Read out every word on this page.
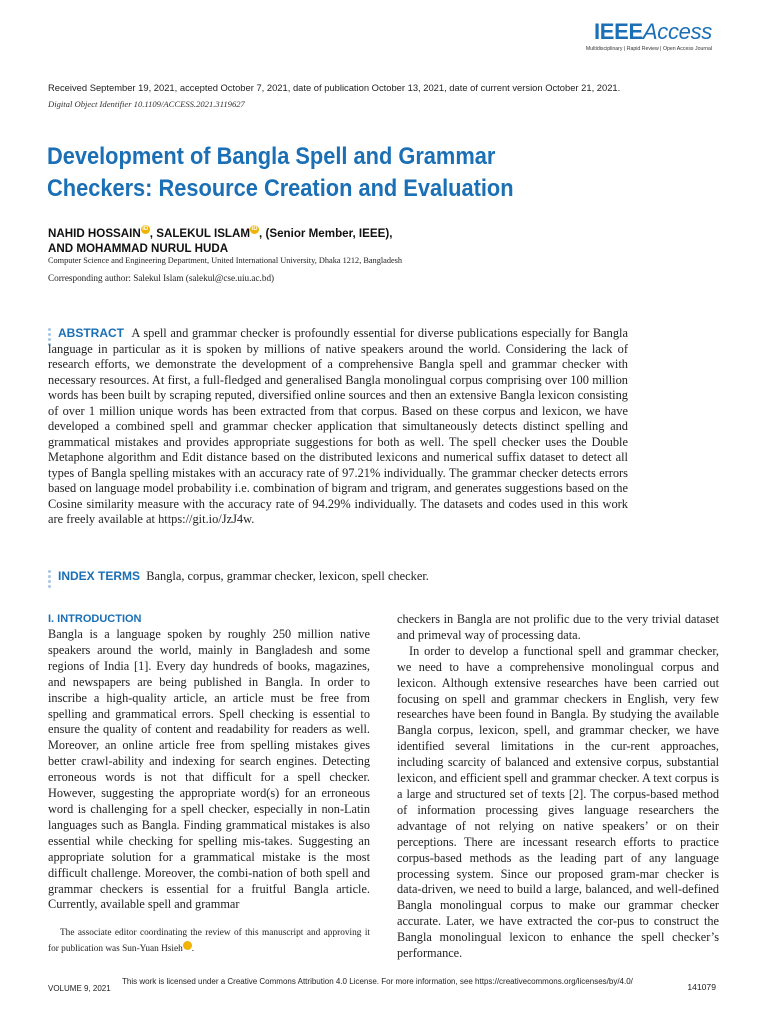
IEEEAccess
Multidisciplinary | Rapid Review | Open Access Journal
Received September 19, 2021, accepted October 7, 2021, date of publication October 13, 2021, date of current version October 21, 2021.
Digital Object Identifier 10.1109/ACCESS.2021.3119627
Development of Bangla Spell and Grammar Checkers: Resource Creation and Evaluation
NAHID HOSSAIN iD , SALEKUL ISLAM iD , (Senior Member, IEEE),
AND MOHAMMAD NURUL HUDA
Computer Science and Engineering Department, United International University, Dhaka 1212, Bangladesh
Corresponding author: Salekul Islam (salekul@cse.uiu.ac.bd)
ABSTRACT A spell and grammar checker is profoundly essential for diverse publications especially for Bangla language in particular as it is spoken by millions of native speakers around the world. Considering the lack of research efforts, we demonstrate the development of a comprehensive Bangla spell and grammar checker with necessary resources. At first, a full-fledged and generalised Bangla monolingual corpus comprising over 100 million words has been built by scraping reputed, diversified online sources and then an extensive Bangla lexicon consisting of over 1 million unique words has been extracted from that corpus. Based on these corpus and lexicon, we have developed a combined spell and grammar checker application that simultaneously detects distinct spelling and grammatical mistakes and provides appropriate suggestions for both as well. The spell checker uses the Double Metaphone algorithm and Edit distance based on the distributed lexicons and numerical suffix dataset to detect all types of Bangla spelling mistakes with an accuracy rate of 97.21% individually. The grammar checker detects errors based on language model probability i.e. combination of bigram and trigram, and generates suggestions based on the Cosine similarity measure with the accuracy rate of 94.29% individually. The datasets and codes used in this work are freely available at https://git.io/JzJ4w.
INDEX TERMS Bangla, corpus, grammar checker, lexicon, spell checker.
I. INTRODUCTION

Bangla is a language spoken by roughly 250 million native speakers around the world, mainly in Bangladesh and some regions of India [1]. Every day hundreds of books, magazines, and newspapers are being published in Bangla. In order to inscribe a high-quality article, an article must be free from spelling and grammatical errors. Spell checking is essential to ensure the quality of content and readability for readers as well. Moreover, an online article free from spelling mistakes gives better crawl-ability and indexing for search engines. Detecting erroneous words is not that difficult for a spell checker. However, suggesting the appropriate word(s) for an erroneous word is challenging for a spell checker, especially in non-Latin languages such as Bangla. Finding grammatical mistakes is also essential while checking for spelling mis-takes. Suggesting an appropriate solution for a grammatical mistake is the most difficult challenge. Moreover, the combi-nation of both spell and grammar checkers is essential for a fruitful Bangla article. Currently, available spell and grammar

The associate editor coordinating the review of this manuscript and approving it for publication was Sun-Yuan Hsieh iD.

checkers in Bangla are not prolific due to the very trivial dataset and primeval way of processing data.

In order to develop a functional spell and grammar checker, we need to have a comprehensive monolingual corpus and lexicon. Although extensive researches have been carried out focusing on spell and grammar checkers in English, very few researches have been found in Bangla. By studying the available Bangla corpus, lexicon, spell, and grammar checker, we have identified several limitations in the cur-rent approaches, including scarcity of balanced and extensive corpus, substantial lexicon, and efficient spell and grammar checker. A text corpus is a large and structured set of texts [2]. The corpus-based method of information processing gives language researchers the advantage of not relying on native speakers’ or on their perceptions. There are incessant research efforts to practice corpus-based methods as the leading part of any language processing system. Since our proposed gram-mar checker is data-driven, we need to build a large, balanced, and well-defined Bangla monolingual corpus to make our grammar checker accurate. Later, we have extracted the cor-pus to construct the Bangla monolingual lexicon to enhance the spell checker’s performance.

VOLUME 9, 2021
This work is licensed under a Creative Commons Attribution 4.0 License. For more information, see https://creativecommons.org/licenses/by/4.0/
141079
